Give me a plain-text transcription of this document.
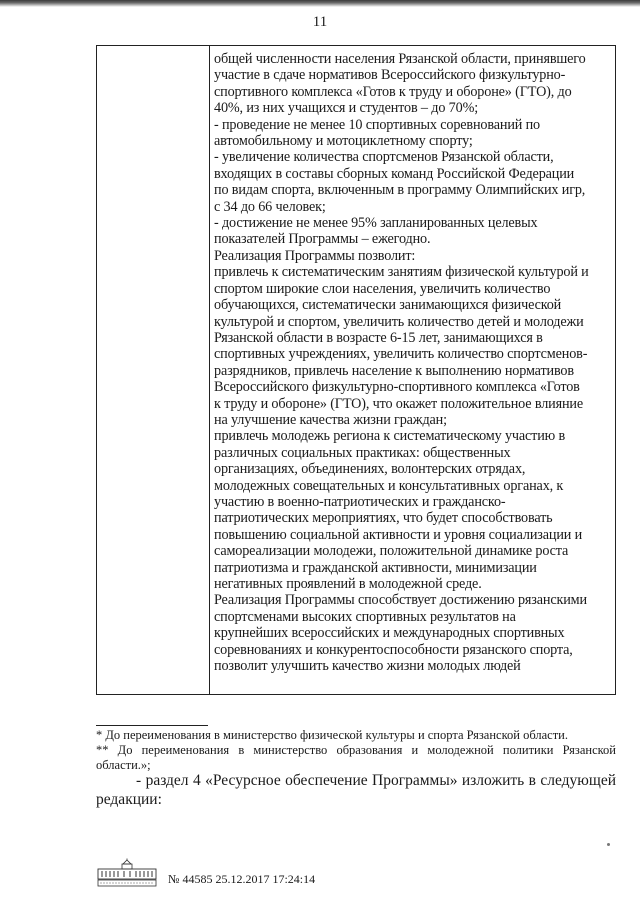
11
общей численности населения Рязанской области, принявшего
участие в сдаче нормативов Всероссийского физкультурно-
спортивного комплекса «Готов к труду и обороне» (ГТО), до
40%, из них учащихся и студентов – до 70%;
- проведение не менее 10 спортивных соревнований по
автомобильному и мотоциклетному спорту;
- увеличение количества спортсменов Рязанской области,
входящих в составы сборных команд Российской Федерации
по видам спорта, включенным в программу Олимпийских игр,
с 34 до 66 человек;
- достижение не менее 95% запланированных целевых
показателей Программы – ежегодно.
Реализация Программы позволит:
привлечь к систематическим занятиям физической культурой и
спортом широкие слои населения, увеличить количество
обучающихся, систематически занимающихся физической
культурой и спортом, увеличить количество детей и молодежи
Рязанской области в возрасте 6-15 лет, занимающихся в
спортивных учреждениях, увеличить количество спортсменов-
разрядников, привлечь население к выполнению нормативов
Всероссийского физкультурно-спортивного комплекса «Готов
к труду и обороне» (ГТО), что окажет положительное влияние
на улучшение качества жизни граждан;
привлечь молодежь региона к систематическому участию в
различных социальных практиках: общественных
организациях, объединениях, волонтерских отрядах,
молодежных совещательных и консультативных органах, к
участию в военно-патриотических и гражданско-
патриотических мероприятиях, что будет способствовать
повышению социальной активности и уровня социализации и
самореализации молодежи, положительной динамике роста
патриотизма и гражданской активности, минимизации
негативных проявлений в молодежной среде.
Реализация Программы способствует достижению рязанскими
спортсменами высоких спортивных результатов на
крупнейших всероссийских и международных спортивных
соревнованиях и конкурентоспособности рязанского спорта,
позволит улучшить качество жизни молодых людей
* До переименования в министерство физической культуры и спорта Рязанской области.
** До переименования в министерство образования и молодежной политики Рязанской
области.»;
- раздел 4 «Ресурсное обеспечение Программы» изложить в следующей
редакции:
№ 44585 25.12.2017 17:24:14
